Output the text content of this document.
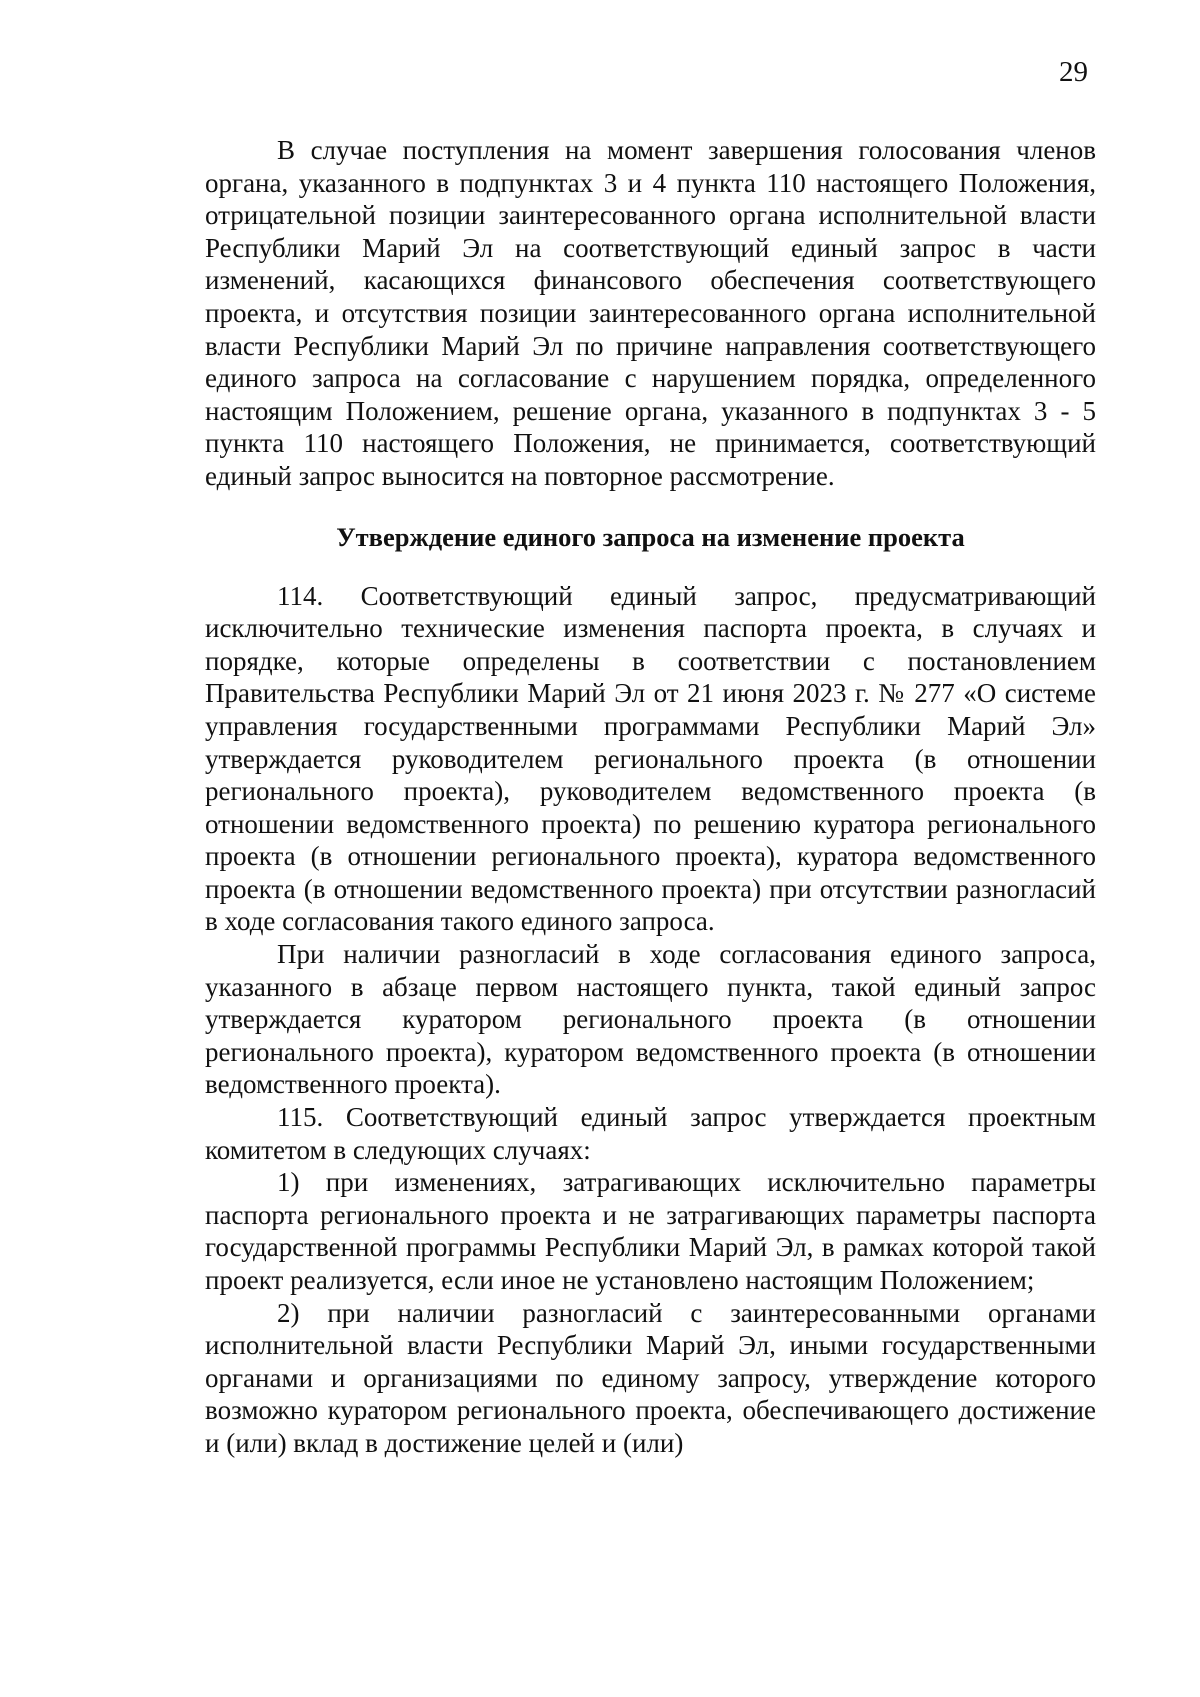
29

В случае поступления на момент завершения голосования членов органа, указанного в подпунктах 3 и 4 пункта 110 настоящего Положения, отрицательной позиции заинтересованного органа исполнительной власти Республики Марий Эл на соответствующий единый запрос в части изменений, касающихся финансового обеспечения соответствующего проекта, и отсутствия позиции заинтересованного органа исполнительной власти Республики Марий Эл по причине направления соответствующего единого запроса на согласование с нарушением порядка, определенного настоящим Положением, решение органа, указанного в подпунктах 3 - 5 пункта 110 настоящего Положения, не принимается, соответствующий единый запрос выносится на повторное рассмотрение.

Утверждение единого запроса на изменение проекта

114. Соответствующий единый запрос, предусматривающий исключительно технические изменения паспорта проекта, в случаях и порядке, которые определены в соответствии с постановлением Правительства Республики Марий Эл от 21 июня 2023 г. № 277 «О системе управления государственными программами Республики Марий Эл» утверждается руководителем регионального проекта (в отношении регионального проекта), руководителем ведомственного проекта (в отношении ведомственного проекта) по решению куратора регионального проекта (в отношении регионального проекта), куратора ведомственного проекта (в отношении ведомственного проекта) при отсутствии разногласий в ходе согласования такого единого запроса.

При наличии разногласий в ходе согласования единого запроса, указанного в абзаце первом настоящего пункта, такой единый запрос утверждается куратором регионального проекта (в отношении регионального проекта), куратором ведомственного проекта (в отношении ведомственного проекта).

115. Соответствующий единый запрос утверждается проектным комитетом в следующих случаях:

1) при изменениях, затрагивающих исключительно параметры паспорта регионального проекта и не затрагивающих параметры паспорта государственной программы Республики Марий Эл, в рамках которой такой проект реализуется, если иное не установлено настоящим Положением;

2) при наличии разногласий с заинтересованными органами исполнительной власти Республики Марий Эл, иными государственными органами и организациями по единому запросу, утверждение которого возможно куратором регионального проекта, обеспечивающего достижение и (или) вклад в достижение целей и (или)
